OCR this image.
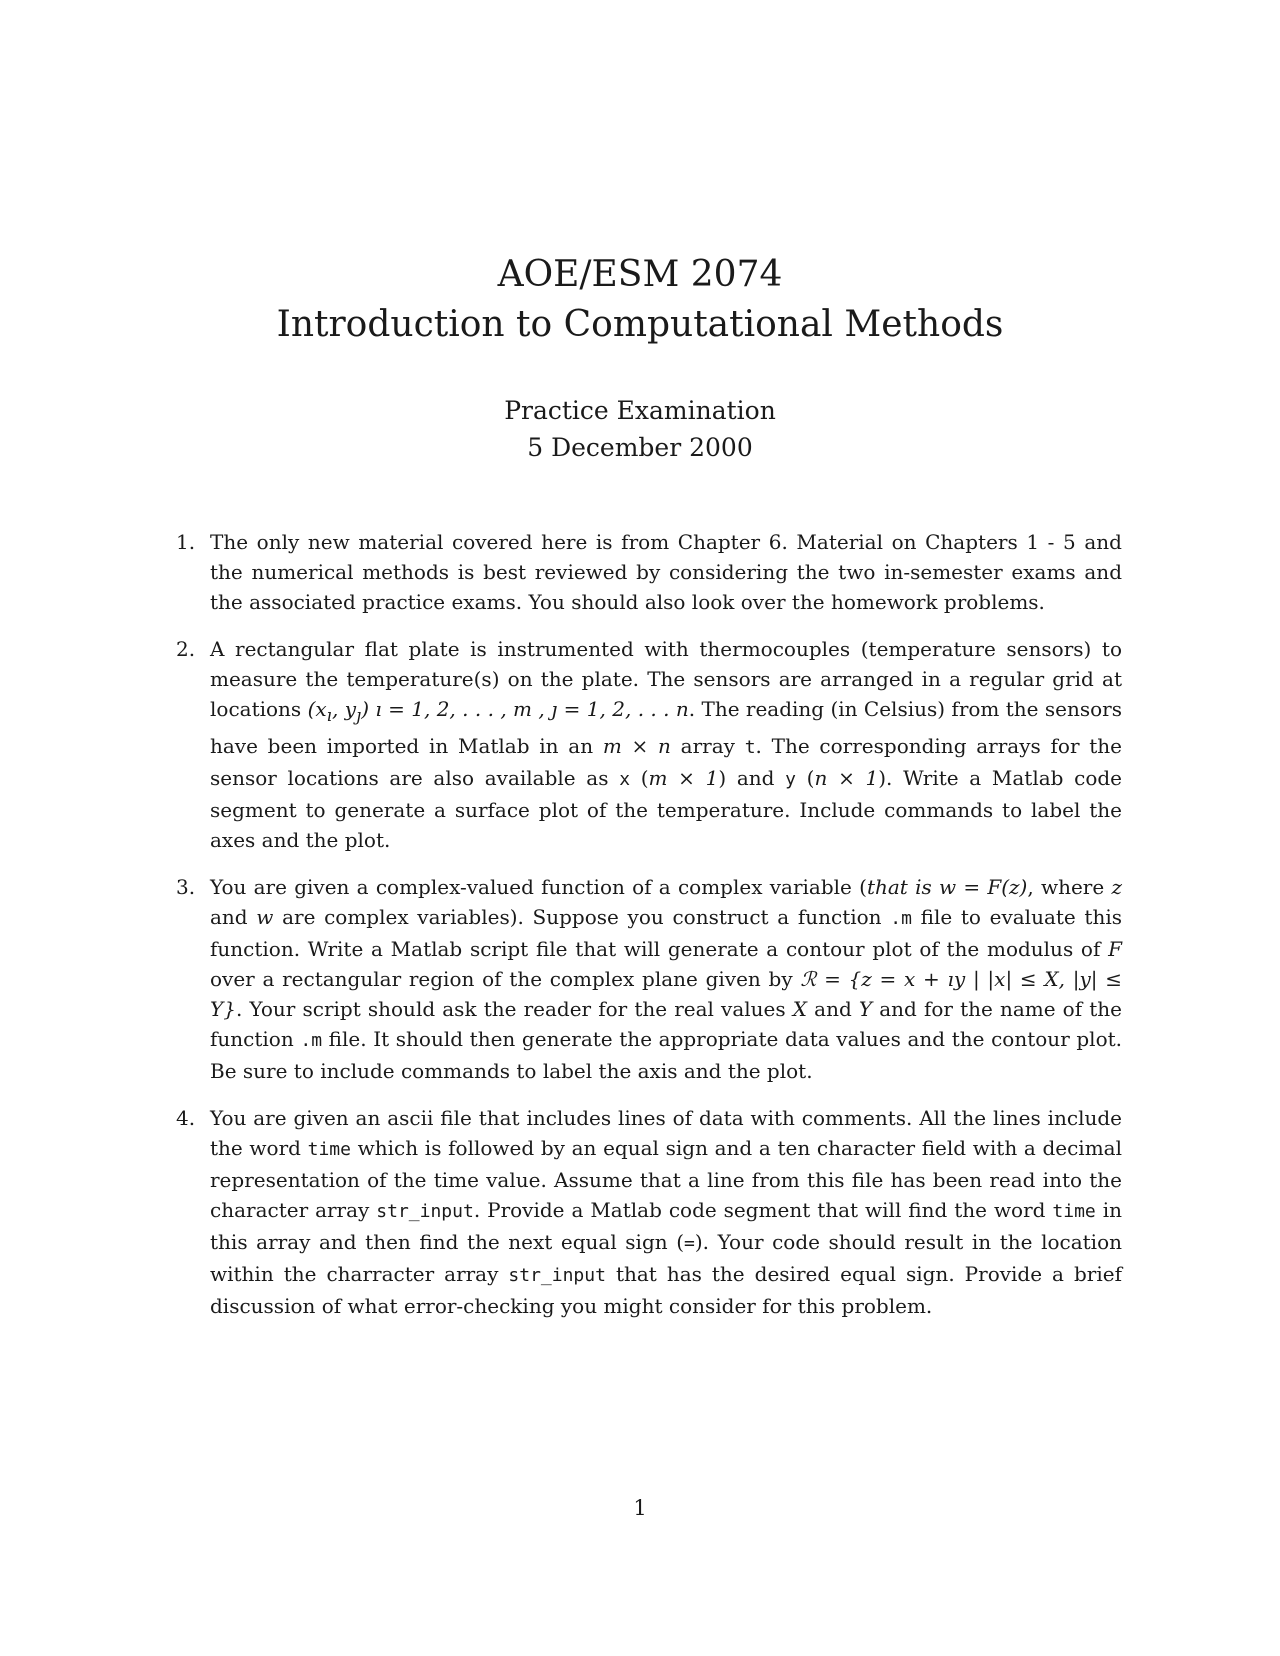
AOE/ESM 2074
Introduction to Computational Methods
Practice Examination
5 December 2000
1. The only new material covered here is from Chapter 6. Material on Chapters 1 - 5 and the numerical methods is best reviewed by considering the two in-semester exams and the associated practice exams. You should also look over the homework problems.
2. A rectangular flat plate is instrumented with thermocouples (temperature sensors) to measure the temperature(s) on the plate. The sensors are arranged in a regular grid at locations ($x_ı$, $y_ȷ$) ı = 1, 2, . . . , m , ȷ = 1, 2, . . . n. The reading (in Celsius) from the sensors have been imported in Matlab in an m × n array t. The corresponding arrays for the sensor locations are also available as x (m × 1) and y (n × 1). Write a Matlab code segment to generate a surface plot of the temperature. Include commands to label the axes and the plot.
3. You are given a complex-valued function of a complex variable (that is w = F(z), where z and w are complex variables). Suppose you construct a function .m file to evaluate this function. Write a Matlab script file that will generate a contour plot of the modulus of F over a rectangular region of the complex plane given by ℛ = {z = x + ıy | |x| ≤ X, |y| ≤ Y}. Your script should ask the reader for the real values X and Y and for the name of the function .m file. It should then generate the appropriate data values and the contour plot. Be sure to include commands to label the axis and the plot.
4. You are given an ascii file that includes lines of data with comments. All the lines include the word time which is followed by an equal sign and a ten character field with a decimal representation of the time value. Assume that a line from this file has been read into the character array str_input. Provide a Matlab code segment that will find the word time in this array and then find the next equal sign (=). Your code should result in the location within the charracter array str_input that has the desired equal sign. Provide a brief discussion of what error-checking you might consider for this problem.
1
